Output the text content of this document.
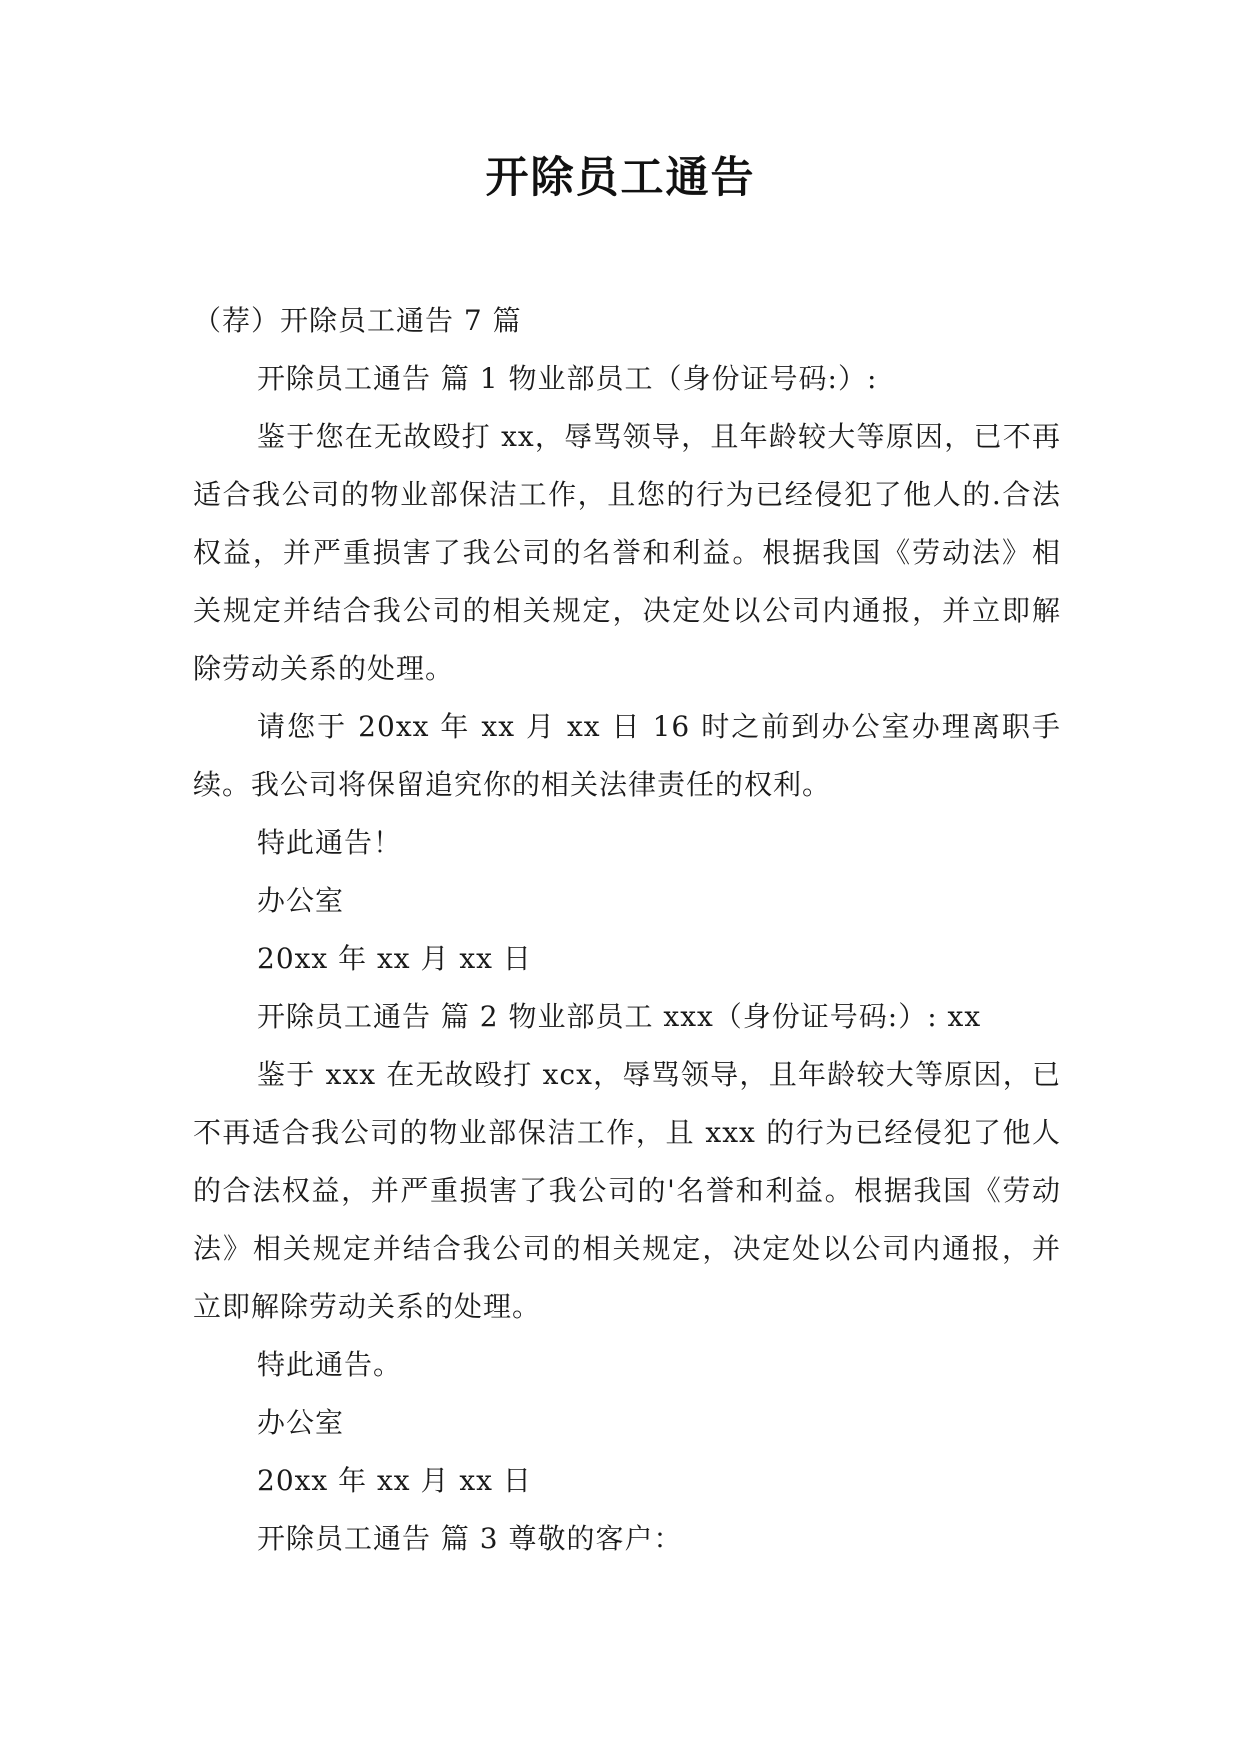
开除员工通告

（荐）开除员工通告 7 篇

开除员工通告 篇 1 物业部员工（身份证号码:）:

鉴于您在无故殴打 xx，辱骂领导，且年龄较大等原因，已不再适合我公司的物业部保洁工作，且您的行为已经侵犯了他人的.合法权益，并严重损害了我公司的名誉和利益。根据我国《劳动法》相关规定并结合我公司的相关规定，决定处以公司内通报，并立即解除劳动关系的处理。

请您于 20xx 年 xx 月 xx 日 16 时之前到办公室办理离职手续。我公司将保留追究你的相关法律责任的权利。

特此通告！

办公室

20xx 年 xx 月 xx 日

开除员工通告 篇 2 物业部员工 xxx（身份证号码:）: xx

鉴于 xxx 在无故殴打 xcx，辱骂领导，且年龄较大等原因，已不再适合我公司的物业部保洁工作，且 xxx 的行为已经侵犯了他人的合法权益，并严重损害了我公司的'名誉和利益。根据我国《劳动法》相关规定并结合我公司的相关规定，决定处以公司内通报，并立即解除劳动关系的处理。

特此通告。

办公室

20xx 年 xx 月 xx 日

开除员工通告 篇 3 尊敬的客户：
